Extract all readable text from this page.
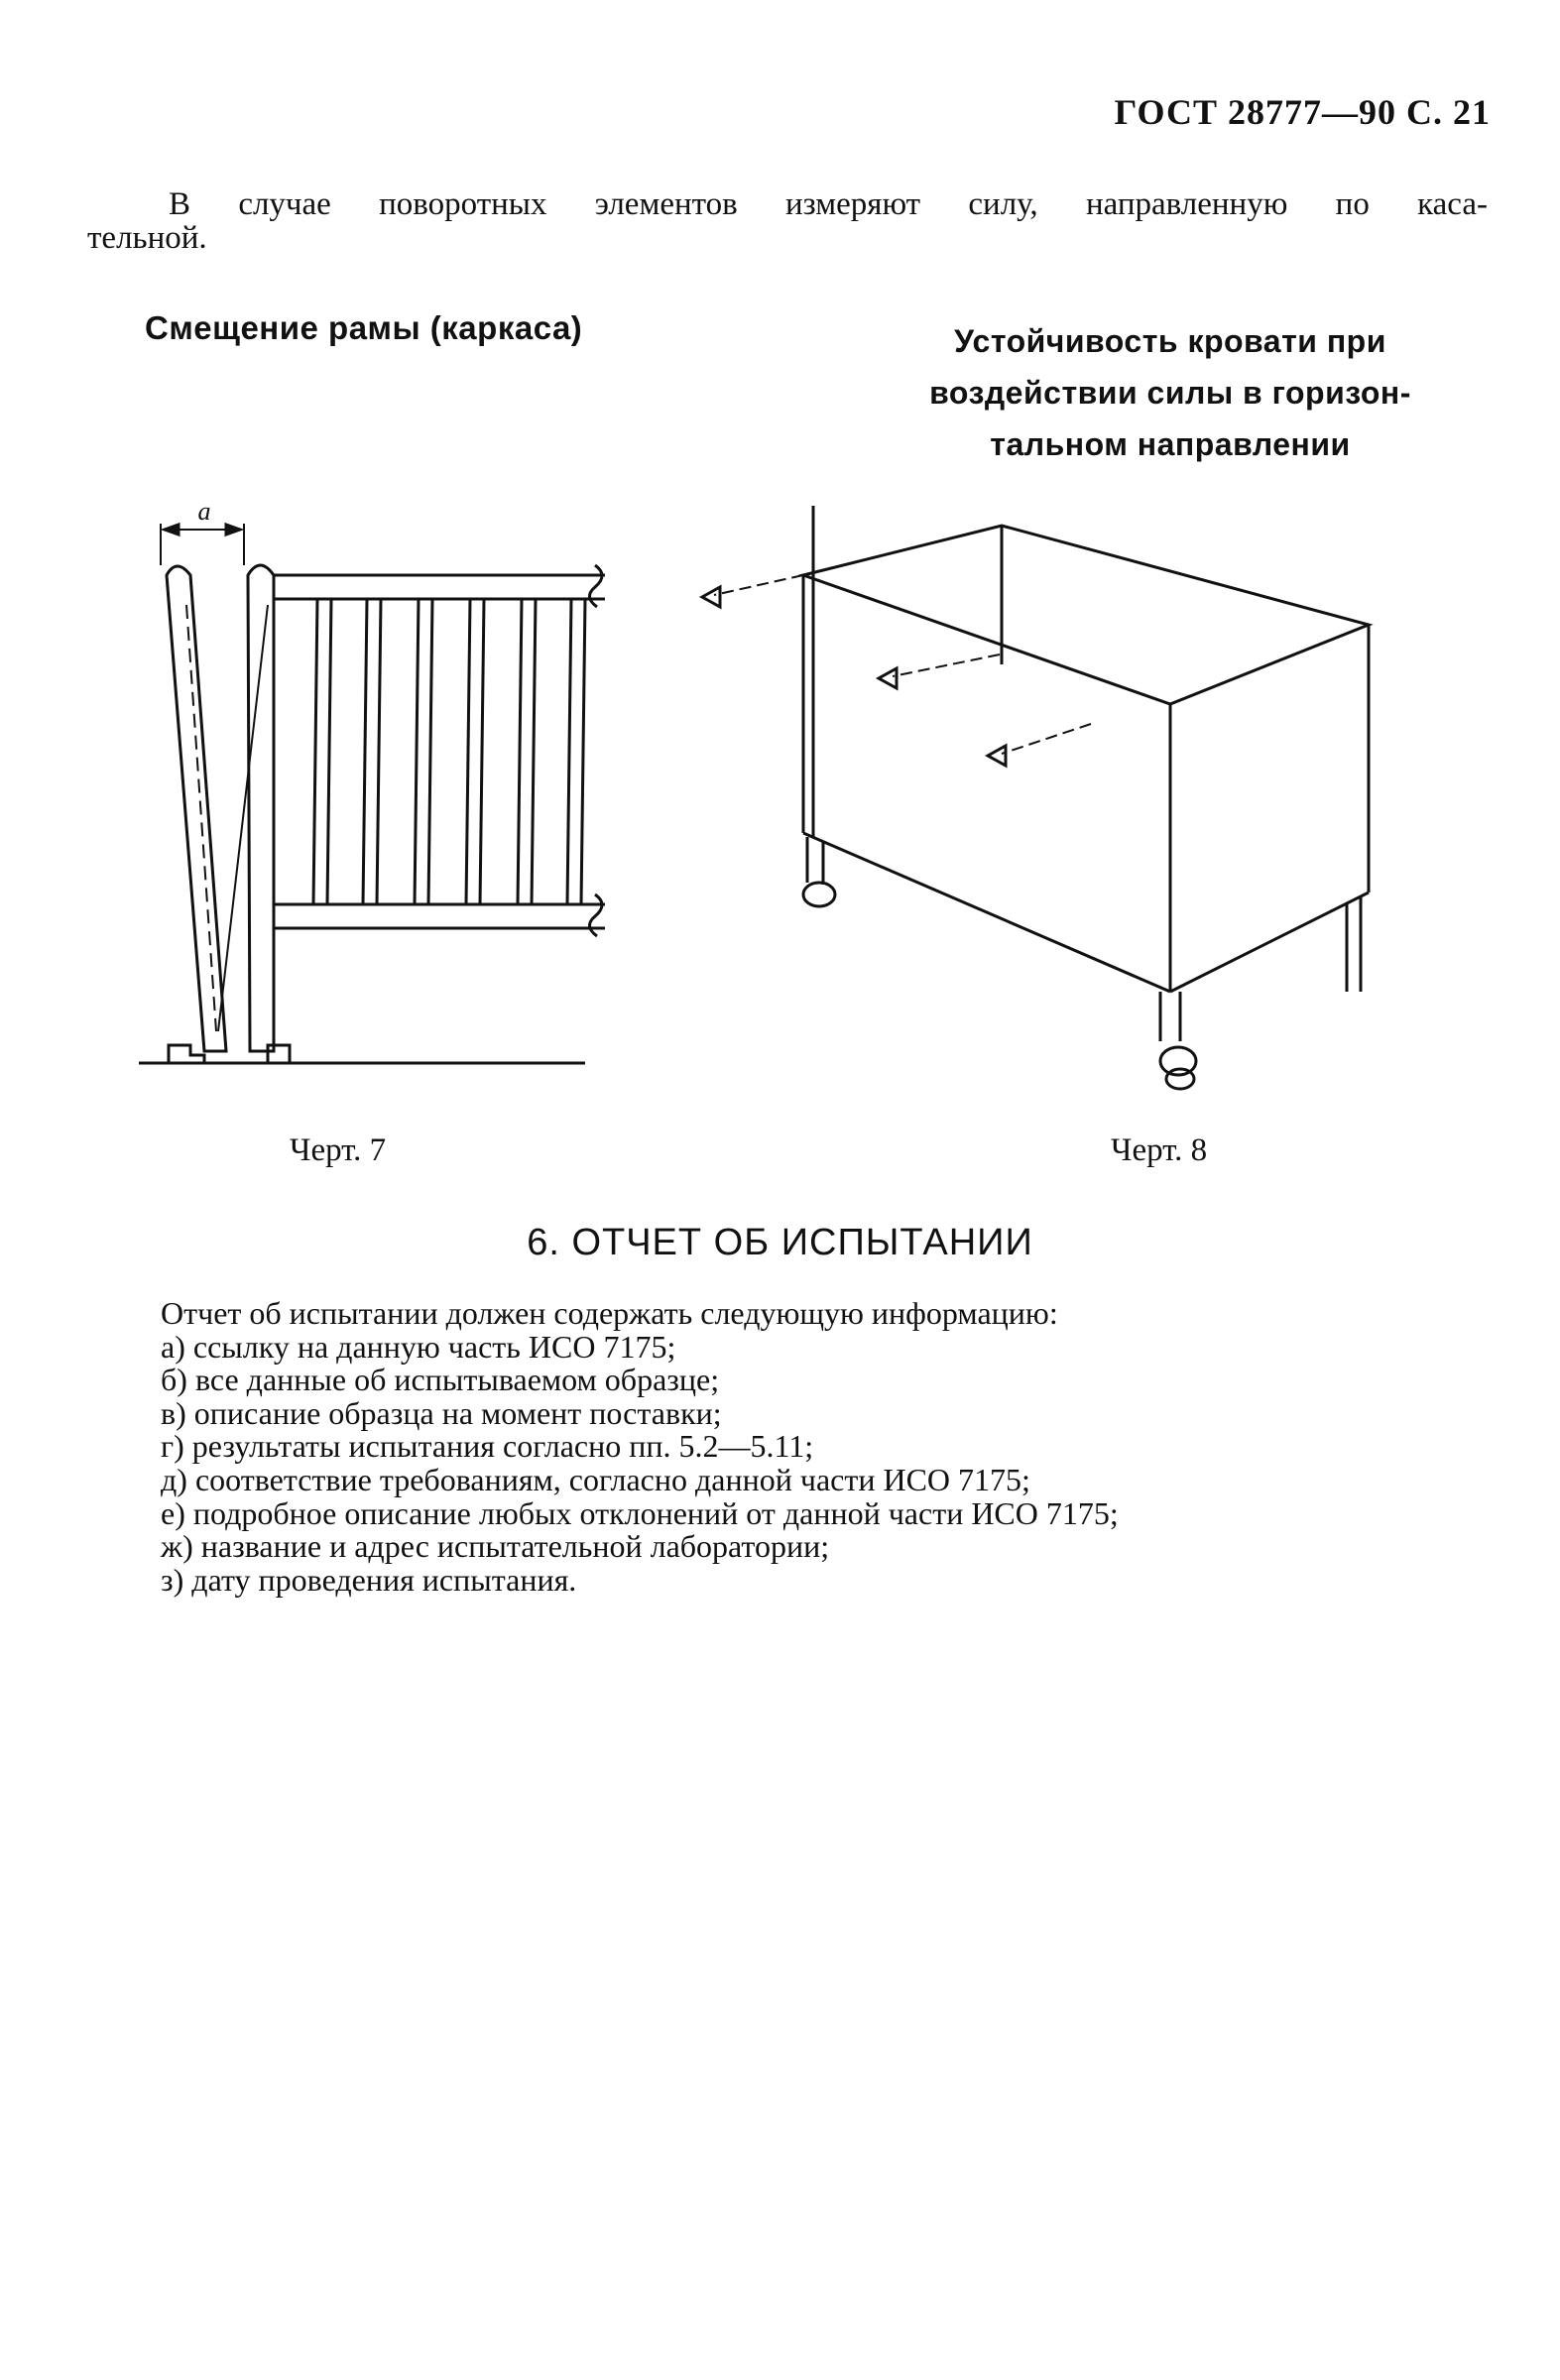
ГОСТ 28777—90 С. 21
В случае поворотных элементов измеряют силу, направленную по каса-
тельной.
Смещение рамы (каркаса)	Устойчивость кровати при
воздействии силы в горизон-
тальном направлении
а
Черт. 7	Черт. 8
6. ОТЧЕТ ОБ ИСПЫТАНИИ
Отчет об испытании должен содержать следующую информацию:
а) ссылку на данную часть ИСО 7175;
б) все данные об испытываемом образце;
в) описание образца на момент поставки;
г) результаты испытания согласно пп. 5.2—5.11;
д) соответствие требованиям, согласно данной части ИСО 7175;
е) подробное описание любых отклонений от данной части ИСО 7175;
ж) название и адрес испытательной лаборатории;
з) дату проведения испытания.
